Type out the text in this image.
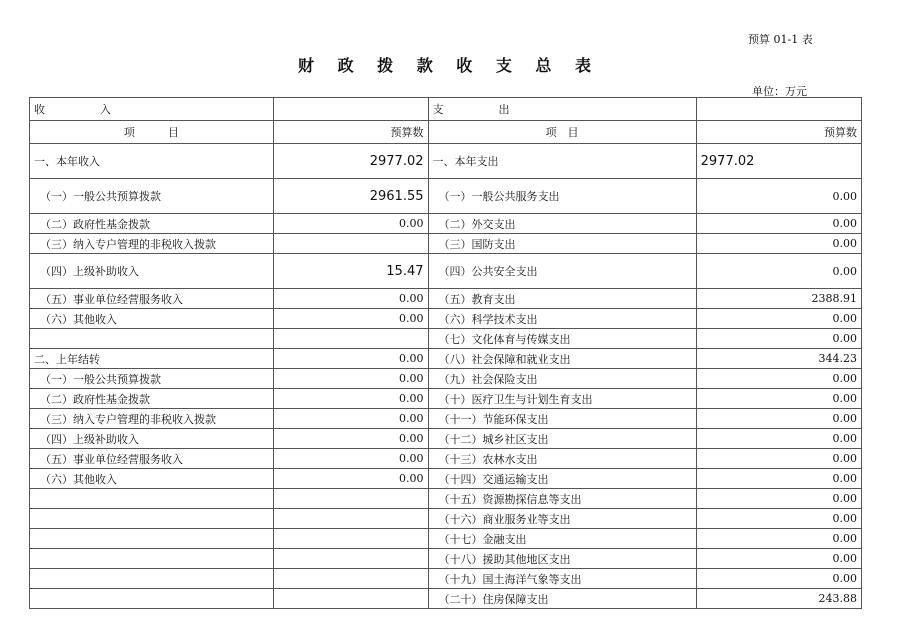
预算 01-1 表
财 政 拨 款 收 支 总 表
单位：万元
收　　　　　入		支　　　　　出	
项　　　目	预算数	项　目	预算数
一、本年收入	2977.02	一、本年支出	2977.02
（一）一般公共预算拨款	2961.55	（一）一般公共服务支出	0.00
（二）政府性基金拨款	0.00	（二）外交支出	0.00
（三）纳入专户管理的非税收入拨款		（三）国防支出	0.00
（四）上级补助收入	15.47	（四）公共安全支出	0.00
（五）事业单位经营服务收入	0.00	（五）教育支出	2388.91
（六）其他收入	0.00	（六）科学技术支出	0.00
		（七）文化体育与传媒支出	0.00
二、上年结转	0.00	（八）社会保障和就业支出	344.23
（一）一般公共预算拨款	0.00	（九）社会保险支出	0.00
（二）政府性基金拨款	0.00	（十）医疗卫生与计划生育支出	0.00
（三）纳入专户管理的非税收入拨款	0.00	（十一）节能环保支出	0.00
（四）上级补助收入	0.00	（十二）城乡社区支出	0.00
（五）事业单位经营服务收入	0.00	（十三）农林水支出	0.00
（六）其他收入	0.00	（十四）交通运输支出	0.00
		（十五）资源勘探信息等支出	0.00
		（十六）商业服务业等支出	0.00
		（十七）金融支出	0.00
		（十八）援助其他地区支出	0.00
		（十九）国土海洋气象等支出	0.00
		（二十）住房保障支出	243.88
